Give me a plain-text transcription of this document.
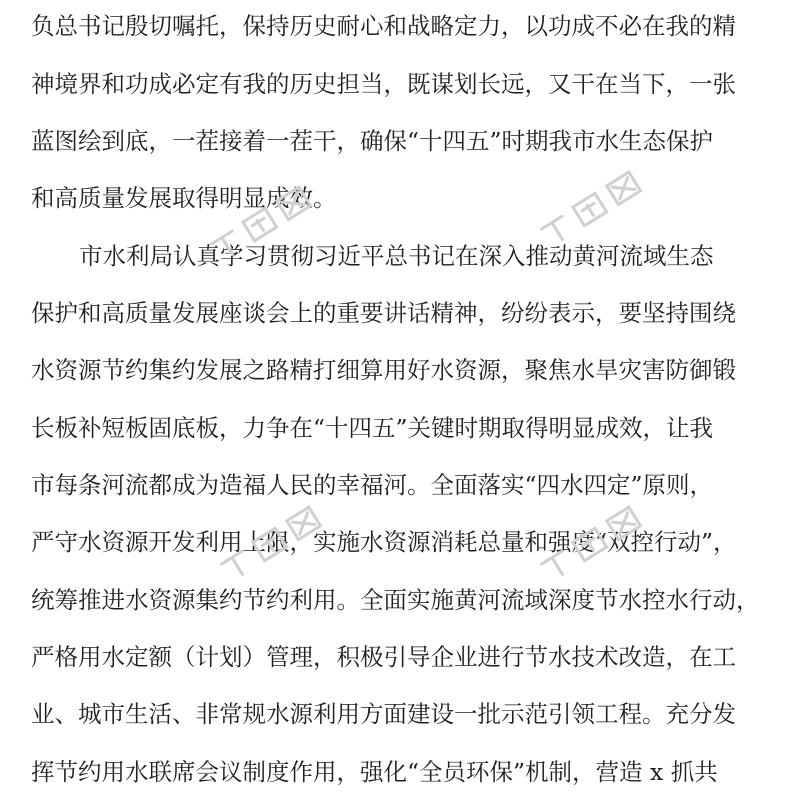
负总书记殷切嘱托，保持历史耐心和战略定力，以功成不必在我的精
神境界和功成必定有我的历史担当，既谋划长远，又干在当下，一张
蓝图绘到底，一茬接着一茬干，确保“十四五”时期我市水生态保护
和高质量发展取得明显成效。
市水利局认真学习贯彻习近平总书记在深入推动黄河流域生态
保护和高质量发展座谈会上的重要讲话精神，纷纷表示，要坚持围绕
水资源节约集约发展之路精打细算用好水资源，聚焦水旱灾害防御锻
长板补短板固底板，力争在“十四五”关键时期取得明显成效，让我
市每条河流都成为造福人民的幸福河。全面落实“四水四定”原则，
严守水资源开发利用上限，实施水资源消耗总量和强度“双控行动”，
统筹推进水资源集约节约利用。全面实施黄河流域深度节水控水行动，
严格用水定额（计划）管理，积极引导企业进行节水技术改造，在工
业、城市生活、非常规水源利用方面建设一批示范引领工程。充分发
挥节约用水联席会议制度作用，强化“全员环保”机制，营造 x 抓共
